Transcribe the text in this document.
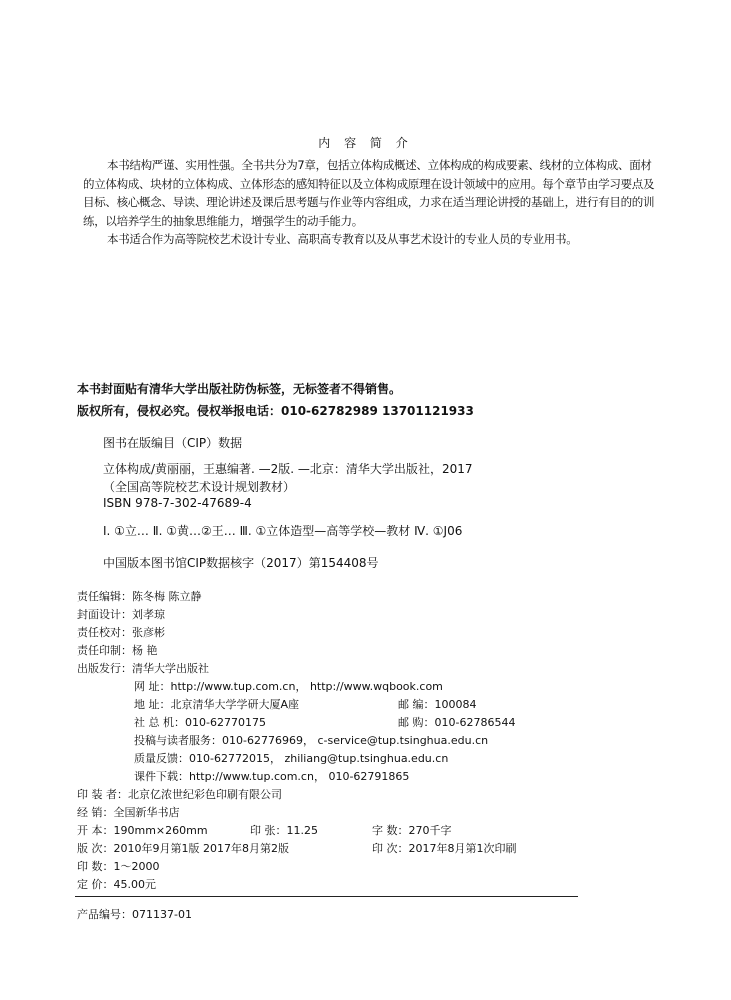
内 容 简 介

本书结构严谨、实用性强。全书共分为7章，包括立体构成概述、立体构成的构成要素、线材的立体构成、面材的立体构成、块材的立体构成、立体形态的感知特征以及立体构成原理在设计领域中的应用。每个章节由学习要点及目标、核心概念、导读、理论讲述及课后思考题与作业等内容组成，力求在适当理论讲授的基础上，进行有目的的训练，以培养学生的抽象思维能力，增强学生的动手能力。

本书适合作为高等院校艺术设计专业、高职高专教育以及从事艺术设计的专业人员的专业用书。

本书封面贴有清华大学出版社防伪标签，无标签者不得销售。
版权所有，侵权必究。侵权举报电话：010-62782989 13701121933
图书在版编目（CIP）数据
立体构成/黄丽丽，王惠编著. —2版. —北京：清华大学出版社，2017
（全国高等院校艺术设计规划教材）
ISBN 978-7-302-47689-4
Ⅰ. ①立… Ⅱ. ①黄…②王… Ⅲ. ①立体造型—高等学校—教材 Ⅳ. ①J06
中国版本图书馆CIP数据核字（2017）第154408号
责任编辑：陈冬梅 陈立静
封面设计：刘孝琼
责任校对：张彦彬
责任印制：杨 艳
出版发行：清华大学出版社
网 址：http://www.tup.com.cn， http://www.wqbook.com
地 址：北京清华大学学研大厦A座	邮 编：100084
社 总 机：010-62770175	邮 购：010-62786544
投稿与读者服务：010-62776969， c-service@tup.tsinghua.edu.cn
质量反馈：010-62772015， zhiliang@tup.tsinghua.edu.cn
课件下载：http://www.tup.com.cn， 010-62791865
印 装 者：北京亿浓世纪彩色印刷有限公司
经 销：全国新华书店
开 本：190mm×260mm	印 张：11.25	字 数：270千字
版 次：2010年9月第1版 2017年8月第2版	印 次：2017年8月第1次印刷
印 数：1～2000
定 价：45.00元
产品编号：071137-01
